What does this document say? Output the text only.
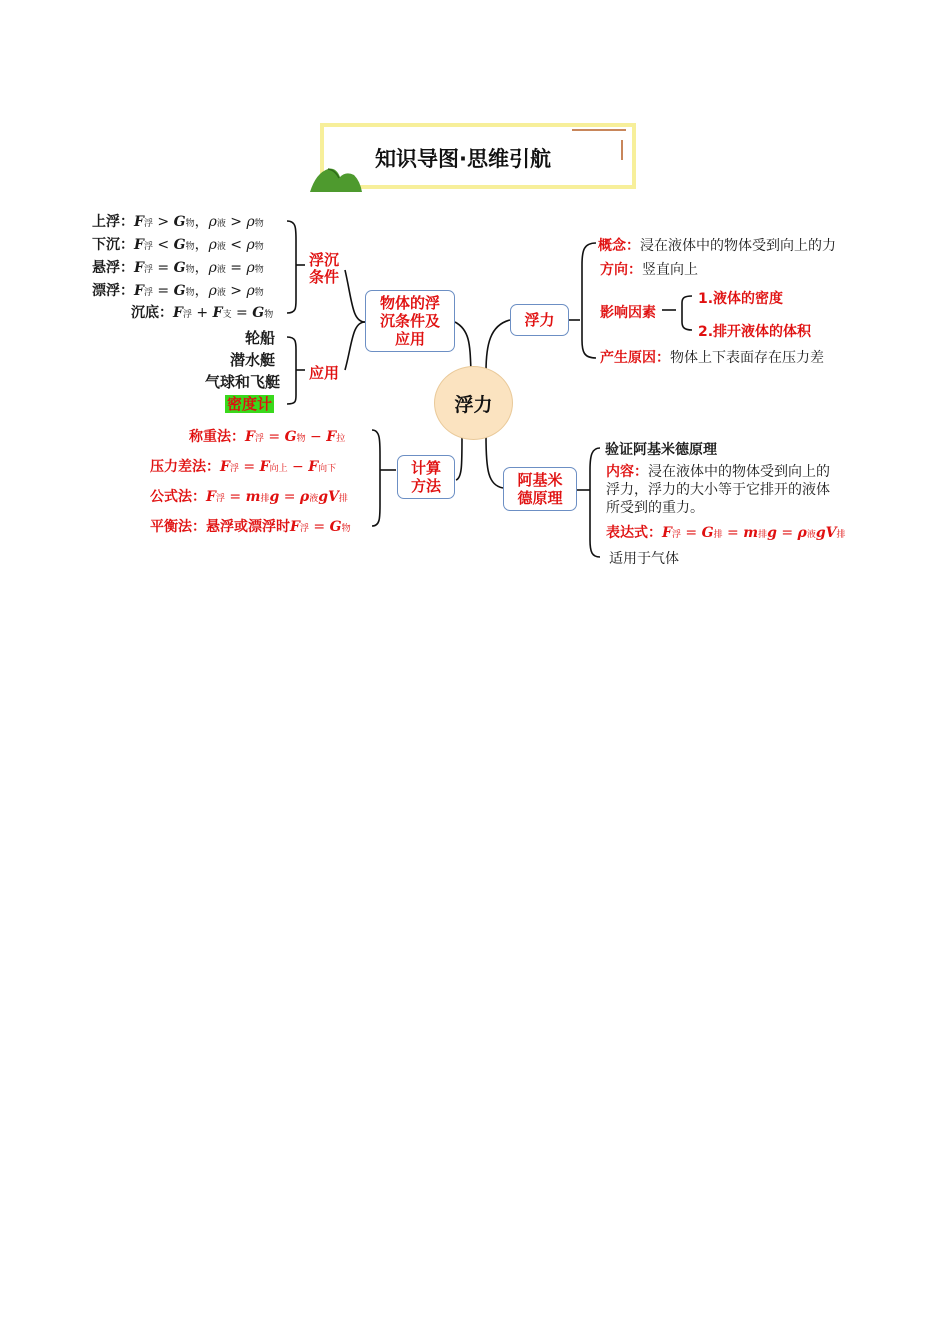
知识导图·思维引航
浮力
物体的浮
沉条件及
应用
计算
方法
浮力
阿基米
德原理
浮沉
条件
上浮：F浮 > G物，ρ液 > ρ物
下沉：F浮 < G物，ρ液 < ρ物
悬浮：F浮 = G物，ρ液 = ρ物
漂浮：F浮 = G物，ρ液 > ρ物
沉底：F浮 + F支 = G物
应用
轮船
潜水艇
气球和飞艇
密度计
称重法：F浮 = G物 − F拉
压力差法：F浮 = F向上 − F向下
公式法：F浮 = m排g = ρ液gV排
平衡法：悬浮或漂浮时F浮 = G物
概念：浸在液体中的物体受到向上的力
方向：竖直向上
影响因素
1.液体的密度
2.排开液体的体积
产生原因：物体上下表面存在压力差
验证阿基米德原理
内容：浸在液体中的物体受到向上的
浮力，浮力的大小等于它排开的液体
所受到的重力。
表达式：F浮 = G排 = m排g = ρ液gV排
适用于气体
